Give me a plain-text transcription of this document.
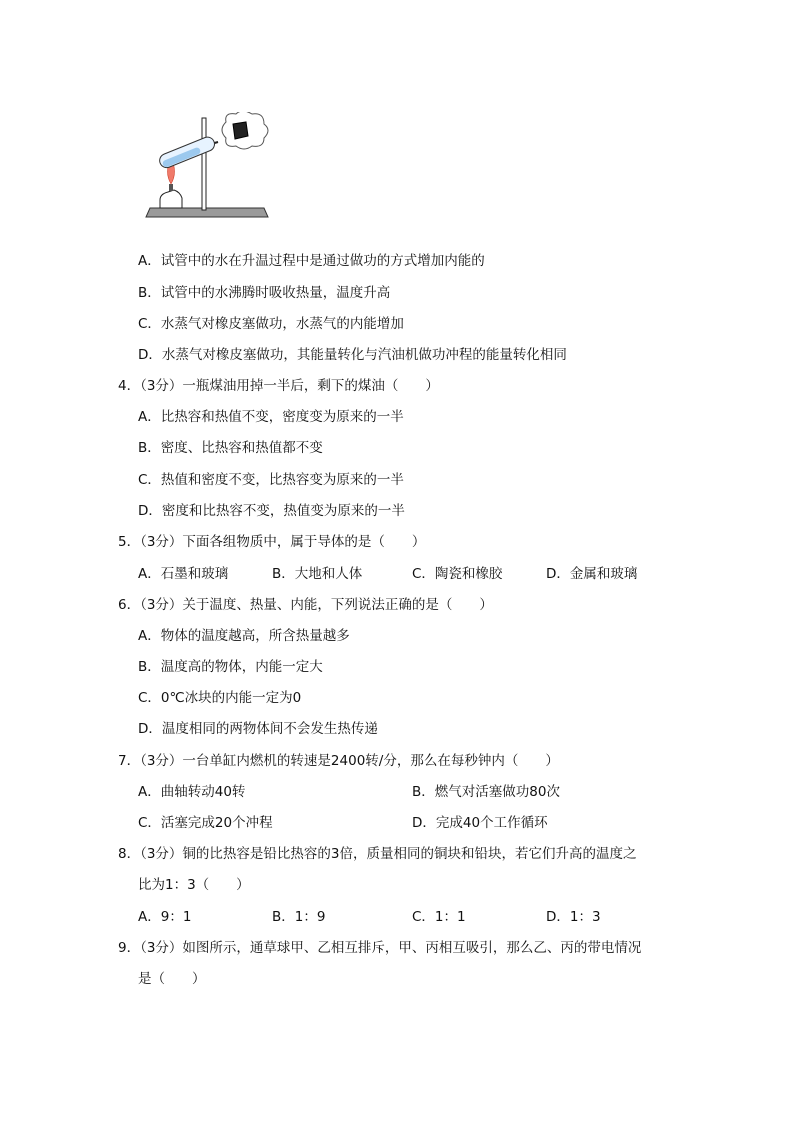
A．试管中的水在升温过程中是通过做功的方式增加内能的
B．试管中的水沸腾时吸收热量，温度升高
C．水蒸气对橡皮塞做功，水蒸气的内能增加
D．水蒸气对橡皮塞做功，其能量转化与汽油机做功冲程的能量转化相同
4．（3分）一瓶煤油用掉一半后，剩下的煤油（　　）
A．比热容和热值不变，密度变为原来的一半
B．密度、比热容和热值都不变
C．热值和密度不变，比热容变为原来的一半
D．密度和比热容不变，热值变为原来的一半
5．（3分）下面各组物质中，属于导体的是（　　）
A．石墨和玻璃	B．大地和人体	C．陶瓷和橡胶	D．金属和玻璃
6．（3分）关于温度、热量、内能，下列说法正确的是（　　）
A．物体的温度越高，所含热量越多
B．温度高的物体，内能一定大
C．0℃冰块的内能一定为0
D．温度相同的两物体间不会发生热传递
7．（3分）一台单缸内燃机的转速是2400转/分，那么在每秒钟内（　　）
A．曲轴转动40转	B．燃气对活塞做功80次
C．活塞完成20个冲程	D．完成40个工作循环
8．（3分）铜的比热容是铅比热容的3倍，质量相同的铜块和铅块，若它们升高的温度之
比为1：3（　　）
A．9：1	B．1：9	C．1：1	D．1：3
9．（3分）如图所示，通草球甲、乙相互排斥，甲、丙相互吸引，那么乙、丙的带电情况
是（　　）
